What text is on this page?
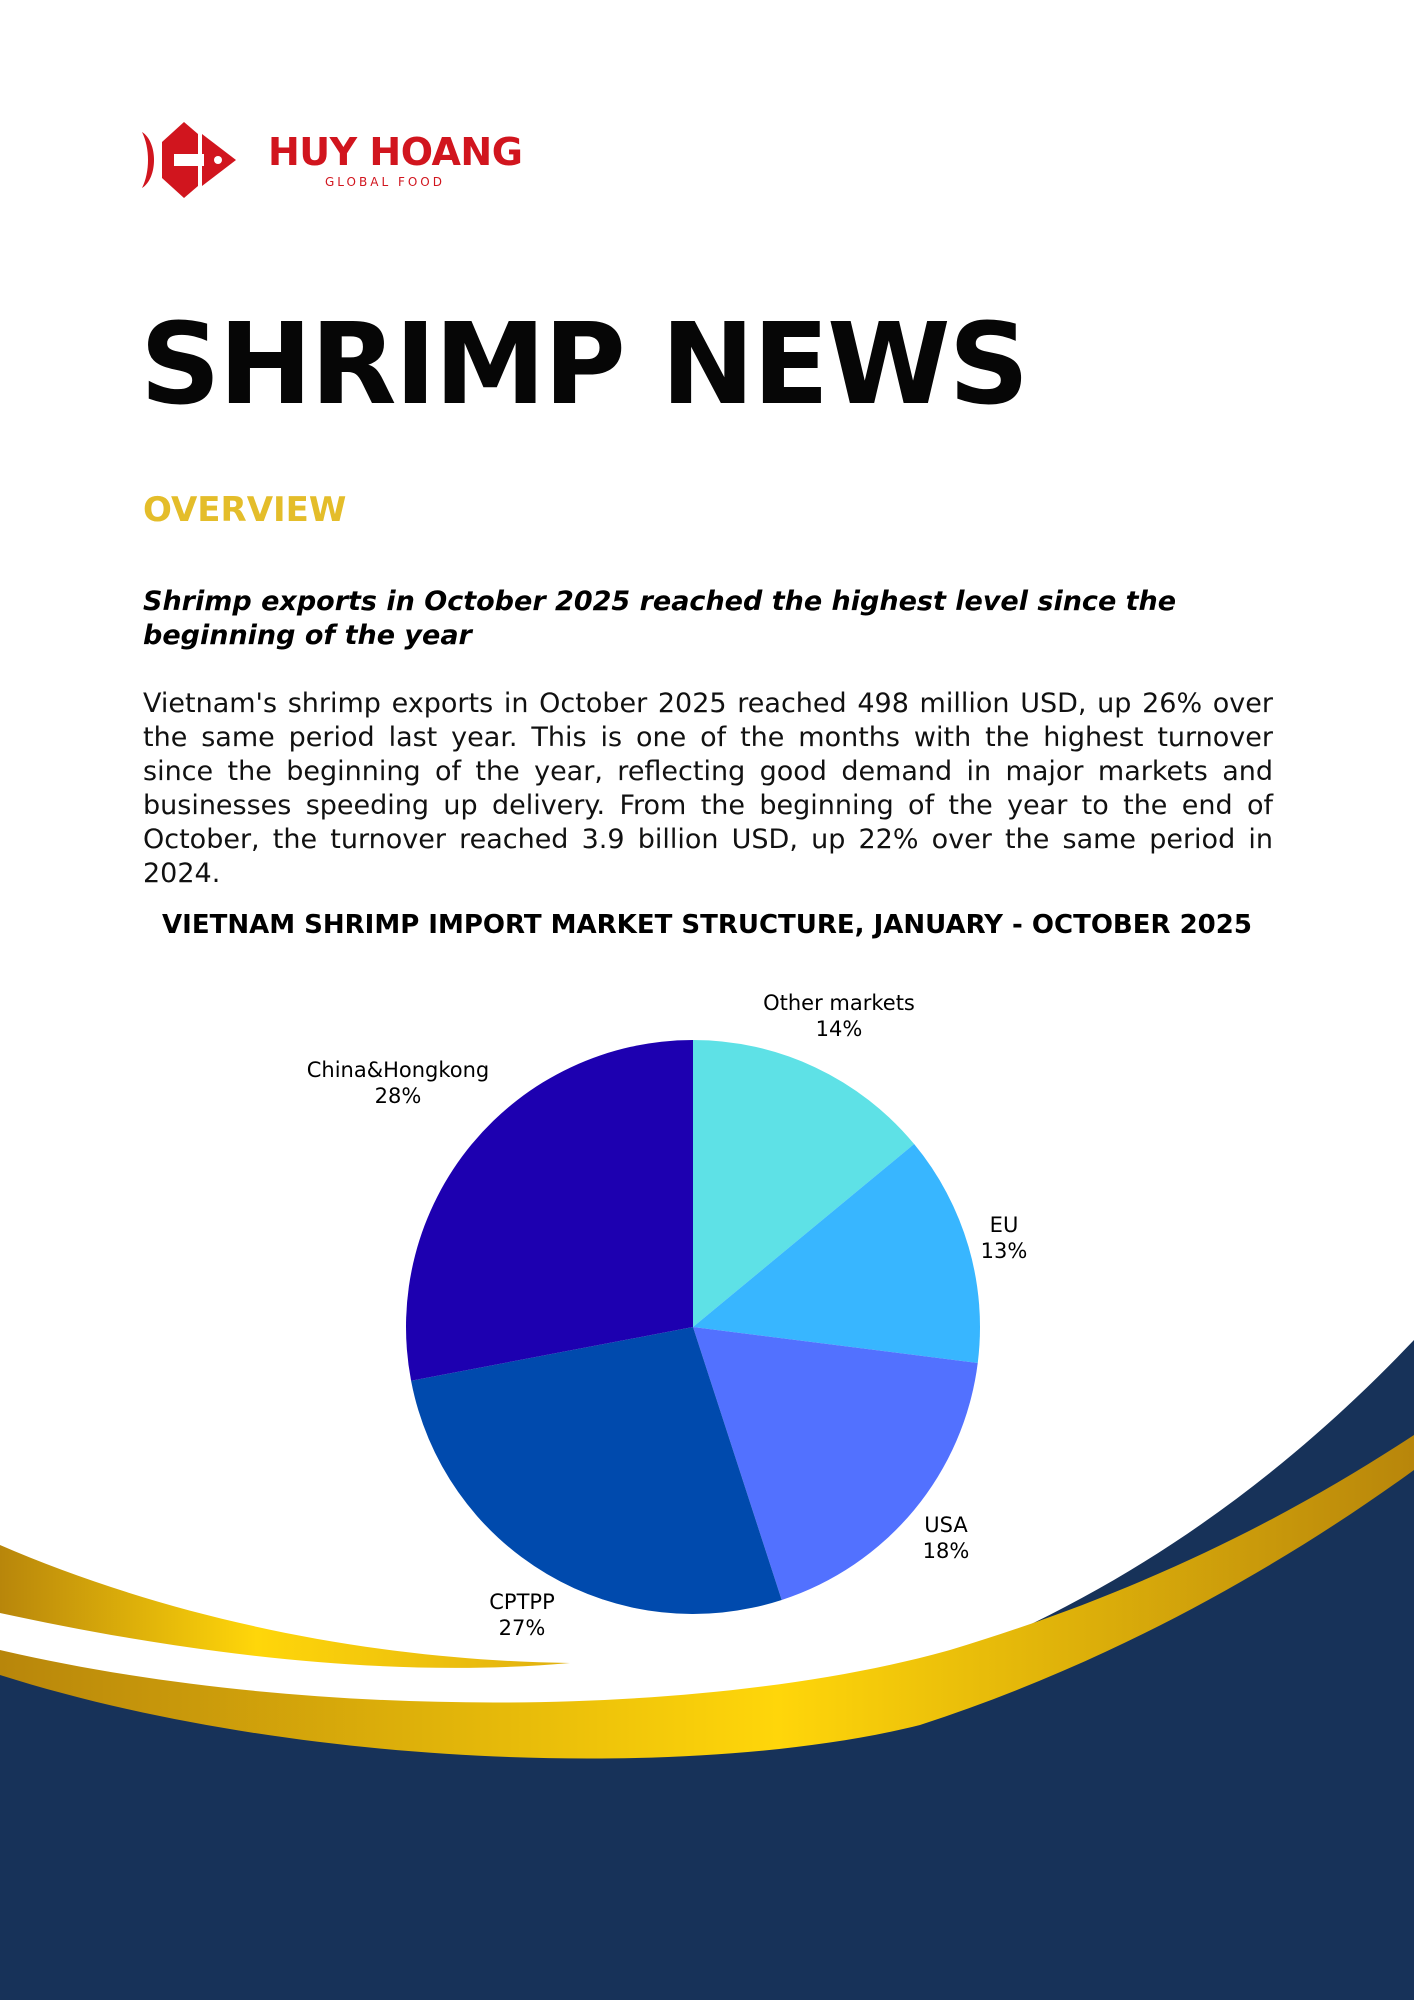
HUY HOANG
GLOBAL FOOD
SHRIMP NEWS
OVERVIEW
Shrimp exports in October 2025 reached the highest level since the beginning of the year
Vietnam's shrimp exports in October 2025 reached 498 million USD, up 26% over the same period last year. This is one of the months with the highest turnover since the beginning of the year, reflecting good demand in major markets and businesses speeding up delivery. From the beginning of the year to the end of October, the turnover reached 3.9 billion USD, up 22% over the same period in 2024.
VIETNAM SHRIMP IMPORT MARKET STRUCTURE, JANUARY - OCTOBER 2025
Other markets
14%
EU
13%
USA
18%
CPTPP
27%
China&Hongkong
28%
